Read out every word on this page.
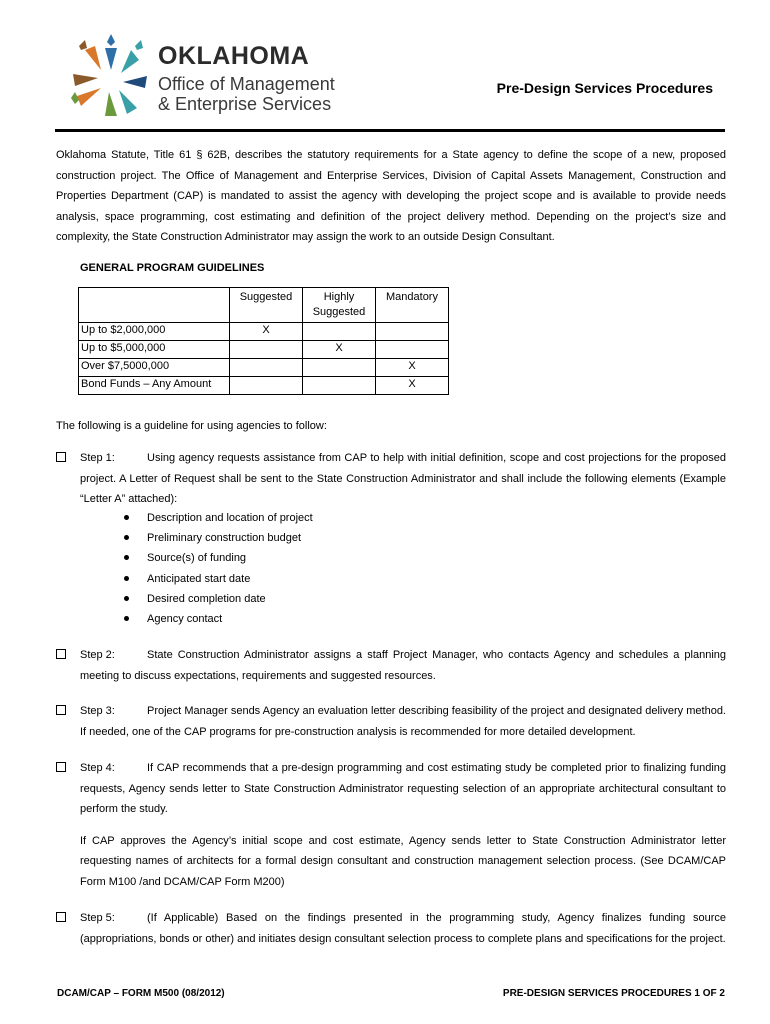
OKLAHOMA
Office of Management
& Enterprise Services
Pre-Design Services Procedures
Oklahoma Statute, Title 61 § 62B, describes the statutory requirements for a State agency to define the scope of a new, proposed construction project. The Office of Management and Enterprise Services, Division of Capital Assets Management, Construction and Properties Department (CAP) is mandated to assist the agency with developing the project scope and is available to provide needs analysis, space programming, cost estimating and definition of the project delivery method. Depending on the project’s size and complexity, the State Construction Administrator may assign the work to an outside Design Consultant.
GENERAL PROGRAM GUIDELINES
	Suggested	Highly Suggested	Mandatory
Up to $2,000,000	X		
Up to $5,000,000		X	
Over $7,5000,000			X
Bond Funds – Any Amount			X
The following is a guideline for using agencies to follow:
Step 1:	Using agency requests assistance from CAP to help with initial definition, scope and cost projections for the proposed project. A Letter of Request shall be sent to the State Construction Administrator and shall include the following elements (Example “Letter A” attached):
Description and location of project
Preliminary construction budget
Source(s) of funding
Anticipated start date
Desired completion date
Agency contact
Step 2:	State Construction Administrator assigns a staff Project Manager, who contacts Agency and schedules a planning meeting to discuss expectations, requirements and suggested resources.
Step 3:	Project Manager sends Agency an evaluation letter describing feasibility of the project and designated delivery method. If needed, one of the CAP programs for pre-construction analysis is recommended for more detailed development.
Step 4:	If CAP recommends that a pre-design programming and cost estimating study be completed prior to finalizing funding requests, Agency sends letter to State Construction Administrator requesting selection of an appropriate architectural consultant to perform the study.
If CAP approves the Agency’s initial scope and cost estimate, Agency sends letter to State Construction Administrator letter requesting names of architects for a formal design consultant and construction management selection process. (See DCAM/CAP Form M100 /and DCAM/CAP Form M200)
Step 5:	(If Applicable) Based on the findings presented in the programming study, Agency finalizes funding source (appropriations, bonds or other) and initiates design consultant selection process to complete plans and specifications for the project.
DCAM/CAP – FORM M500 (08/2012)	PRE-DESIGN SERVICES PROCEDURES 1 OF 2
